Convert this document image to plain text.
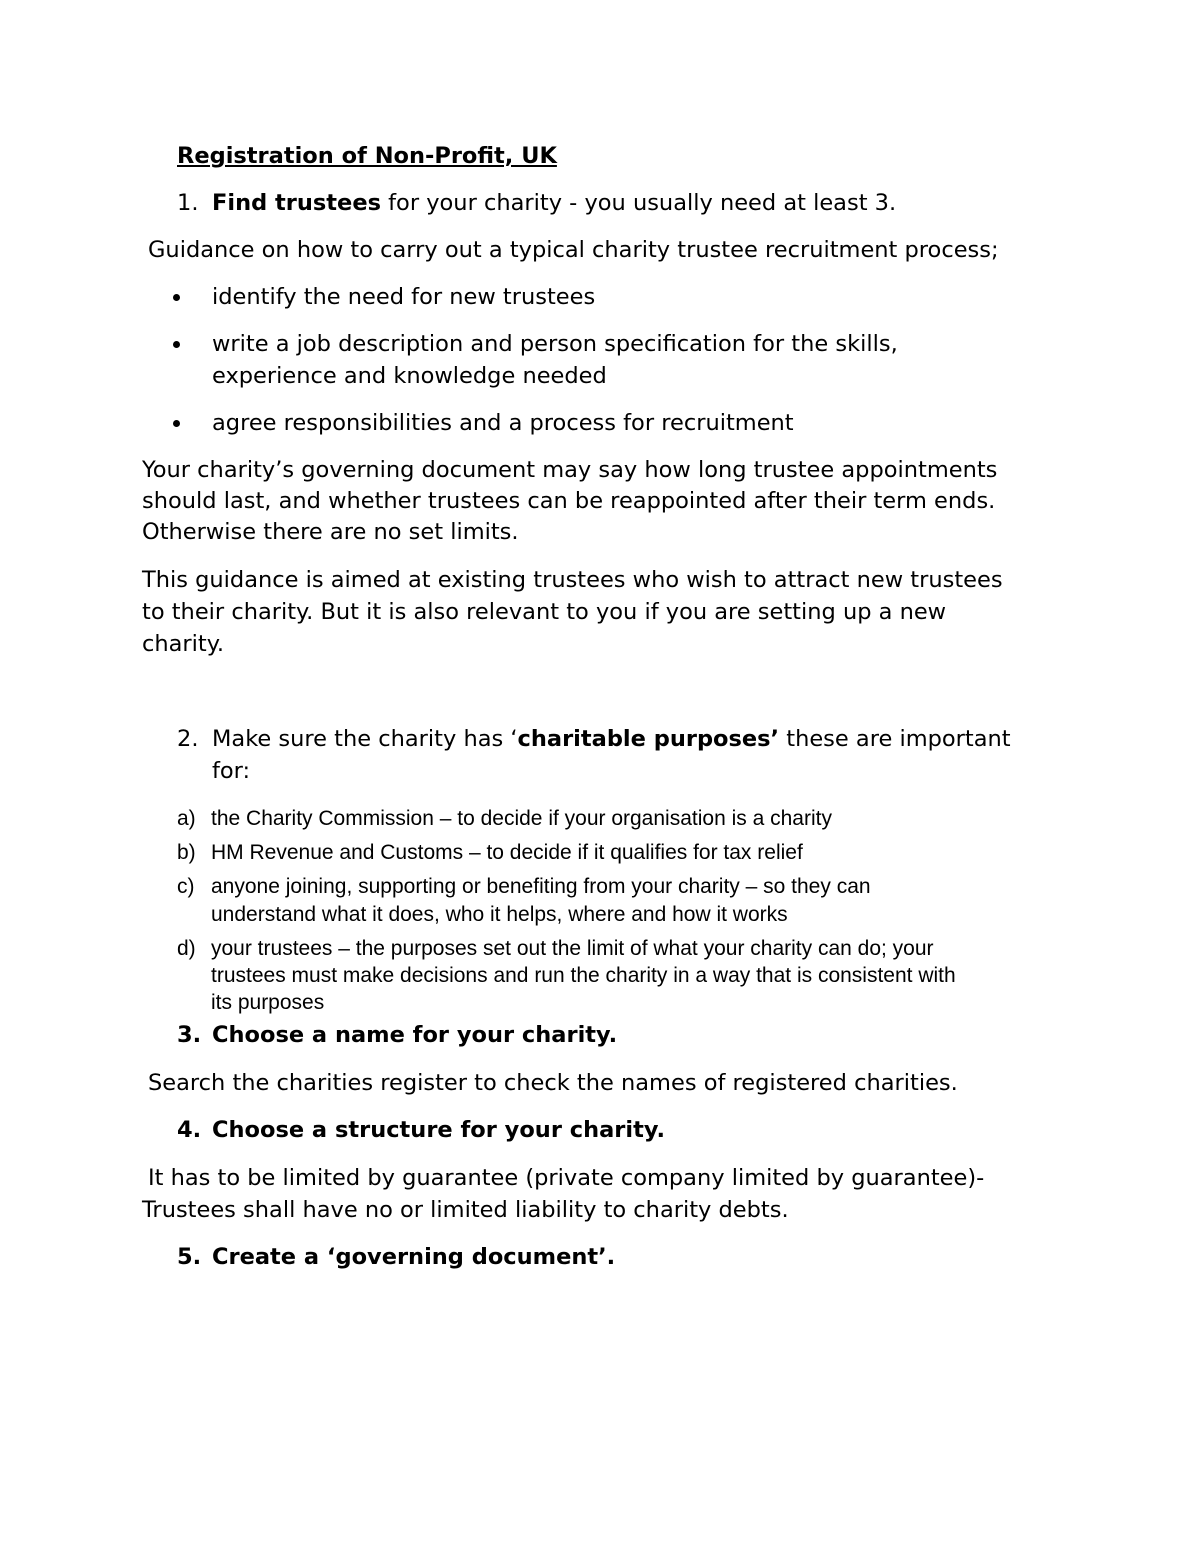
Registration of Non-Profit, UK

1. Find trustees for your charity - you usually need at least 3.

Guidance on how to carry out a typical charity trustee recruitment process;

identify the need for new trustees

write a job description and person specification for the skills,

experience and knowledge needed

agree responsibilities and a process for recruitment

Your charity’s governing document may say how long trustee appointments

should last, and whether trustees can be reappointed after their term ends.

Otherwise there are no set limits.

This guidance is aimed at existing trustees who wish to attract new trustees

to their charity. But it is also relevant to you if you are setting up a new

charity.

2. Make sure the charity has ‘charitable purposes’ these are important

for:

a) the Charity Commission – to decide if your organisation is a charity

b) HM Revenue and Customs – to decide if it qualifies for tax relief

c) anyone joining, supporting or benefiting from your charity – so they can

understand what it does, who it helps, where and how it works

d) your trustees – the purposes set out the limit of what your charity can do; your

trustees must make decisions and run the charity in a way that is consistent with

its purposes

3. Choose a name for your charity.

Search the charities register to check the names of registered charities.

4. Choose a structure for your charity.

It has to be limited by guarantee (private company limited by guarantee)-

Trustees shall have no or limited liability to charity debts.

5. Create a ‘governing document’.
